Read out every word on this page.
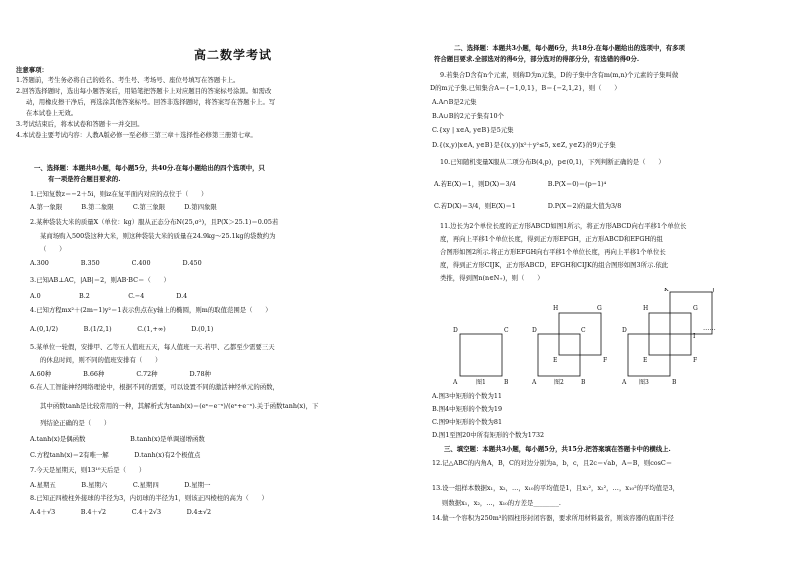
高二数学考试
注意事项：
1.答题前，考生务必将自己的姓名、考生号、考场号、座位号填写在答题卡上。
2.回答选择题时，选出每小题答案后，用铅笔把答题卡上对应题目的答案标号涂黑。如需改
动，用橡皮擦干净后，再选涂其他答案标号。回答非选择题时，将答案写在答题卡上。写
在本试卷上无效。
3.考试结束后，将本试卷和答题卡一并交回。
4.本试卷主要考试内容：人教A版必修一至必修三第三章＋选择性必修第三册第七章。
一、选择题：本题共8小题，每小题5分，共40分.在每小题给出的四个选项中，只
有一项是符合题目要求的.
1.已知复数z＝−2＋5i，则iz在复平面内对应的点位于（　　）
A.第一象限　　　B.第二象限　　　C.第三象限　　　D.第四象限
2.某种袋装大米的质量X（单位：kg）服从正态分布N(25,σ²)，且P(X＞25.1)＝0.05若
某商场购入500袋这种大米，则这种袋装大米的质量在24.9kg～25.1kg的袋数约为
（　　）
A.300　　　　　B.350　　　　　C.400　　　　　D.450
3.已知AB⊥AC，|AB|＝2，则AB·BC＝（　　）
A.0　　　　　　B.2　　　　　　C.−4　　　　　D.4
4.已知方程mx²＋(2m−1)y²＝1表示焦点在y轴上的椭圆，则m的取值范围是（　　）
A.(0,1/2)　　　　B.(1/2,1)　　　　C.(1,+∞)　　　　D.(0,1)
5.某单位一轮假，安排甲、乙等五人值班五天，每人值班一天.若甲、乙都至少需要三天
的休息时间，则不同的值班安排有（　　）
A.60种　　　　　B.66种　　　　　C.72种　　　　　D.78种
6.在人工智能神经网络理论中，根据不同的需要，可以设置不同的激活神经单元的函数，
其中函数tanh是比较常用的一种，其解析式为tanh(x)＝(eˣ−e⁻ˣ)/(eˣ+e⁻ˣ).关于函数tanh(x)，下
列结论正确的是（　　）
A.tanh(x)是偶函数　　　　　　　B.tanh(x)是单调递增函数
C.方程tanh(x)＝2有唯一解　　　　D.tanh(x)有2个极值点
7.今天是星期天，则13¹⁰天后是（　　）
A.星期五　　　　B.星期六　　　　C.星期四　　　　D.星期一
8.已知正四棱柱外接球的半径为3，内切球的半径为1，则该正四棱柱的高为（　　）
A.4＋√3　　　　B.4＋√2　　　　C.4＋2√3　　　　D.4±√2
二、选择题：本题共3小题，每小题6分，共18分.在每小题给出的选项中，有多项
符合题目要求.全部选对的得6分，部分选对的得部分分，有选错的得0分.
9.若集合D含有n个元素，则称D为n元集，D的子集中含有m(m,n)个元素的子集叫做
D的m元子集.已知集合A＝{−1,0,1}，B＝{−2,1,2}，则（　　）
A.A∩B是2元集
B.A∪B的2元子集有10个
C.{xy | x∈A, y∈B}是5元集
D.{(x,y)|x∈A, y∈B}是{(x,y)|x²＋y²≤5, x∈Z, y∈Z}的9元子集
10.已知随机变量X服从二项分布B(4,p)，p∈(0,1)，下列判断正确的是（　　）
A.若E(X)＝1，则D(X)＝3/4　　　　　B.P(X＝0)＝(p−1)⁴
C.若D(X)＝3/4，则E(X)＝1　　　　　D.P(X＝2)的最大值为3/8
11.边长为2个单位长度的正方形ABCD如图1所示，将正方形ABCD向右平移1个单位长
度，再向上平移1个单位长度，得到正方形EFGH，正方形ABCD和EFGH的组
合图形如图2所示.将正方形EFGH向右平移1个单位长度，再向上平移1个单位长
度，得到正方形CIJK，正方形ABCD，EFGH和CIJK的组合图形如图3所示.依此
类推，得到图n(n∈N₊)，则（　　）
D	C
A	B
D
H	G
C
E	F
A	B
D
H
K	J
G
I
E	F
A	B
……
图1	图2	图3
A.图3中矩形的个数为11
B.图4中矩形的个数为19
C.图9中矩形的个数为81
D.图1至图20中所有矩形的个数为1732
三、填空题：本题共3小题，每小题5分，共15分.把答案填在答题卡中的横线上.
12.记△ABC的内角A，B，C的对边分别为a，b，c，且2c＝√ab，A＝B，则cosC＝
13.设一组样本数据x₁，x₂，…，x₁₀的平均值是1，且x₁²，x₂²，…，x₁₀²的平均值是3，
则数据x₁，x₂，…，x₁₀的方差是________.
14.做一个容积为250m³的圆柱形封闭容器，要求所用材料最省，则该容器的底面半径
